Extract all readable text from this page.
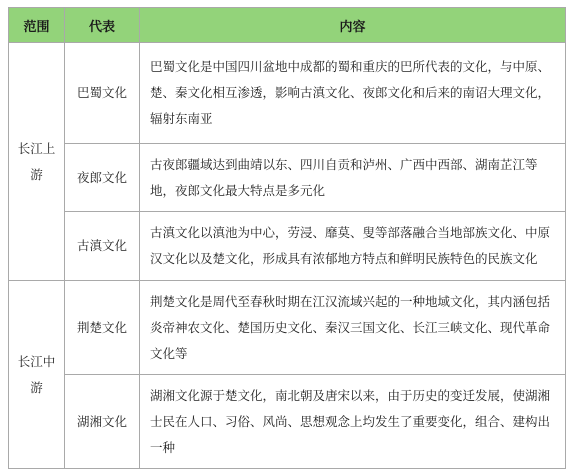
范围	代表	内容
长江上游	巴蜀文化	巴蜀文化是中国四川盆地中成都的蜀和重庆的巴所代表的文化，与中原、楚、秦文化相互渗透，影响古滇文化、夜郎文化和后来的南诏大理文化，辐射东南亚
	夜郎文化	古夜郎疆域达到曲靖以东、四川自贡和泸州、广西中西部、湖南芷江等地，夜郎文化最大特点是多元化
	古滇文化	古滇文化以滇池为中心，劳浸、靡莫、叟等部落融合当地部族文化、中原汉文化以及楚文化，形成具有浓郁地方特点和鲜明民族特色的民族文化
长江中游	荆楚文化	荆楚文化是周代至春秋时期在江汉流域兴起的一种地域文化，其内涵包括炎帝神农文化、楚国历史文化、秦汉三国文化、长江三峡文化、现代革命文化等
	湖湘文化	湖湘文化源于楚文化，南北朝及唐宋以来，由于历史的变迁发展，使湖湘士民在人口、习俗、风尚、思想观念上均发生了重要变化，组合、建构出一种
